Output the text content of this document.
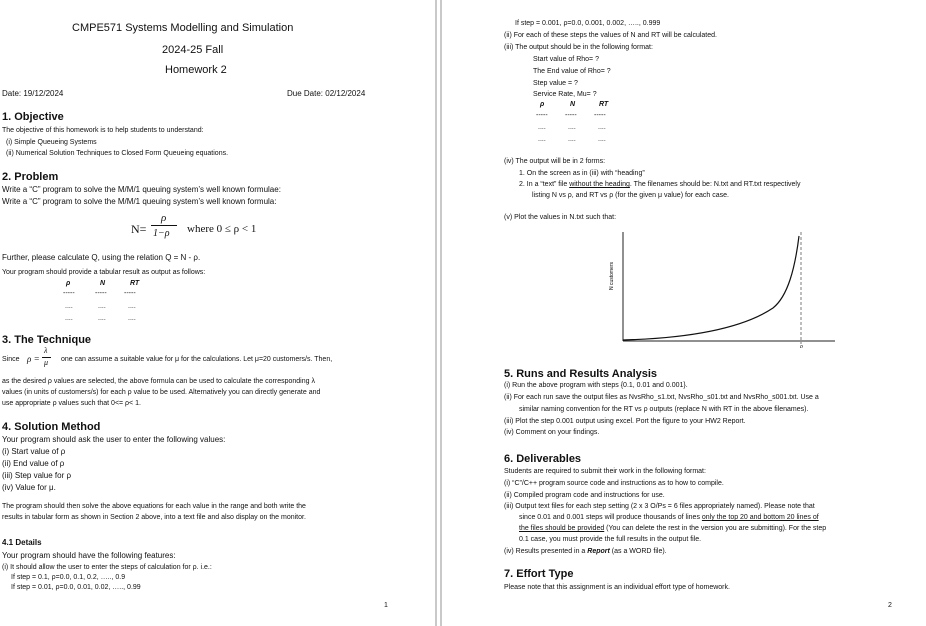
CMPE571 Systems Modelling and Simulation
2024-25 Fall
Homework 2
Date: 19/12/2024	Due Date: 02/12/2024
1. Objective
The objective of this homework is to help students to understand:
(i) Simple Queueing Systems
(ii) Numerical Solution Techniques to Closed Form Queueing equations.
2. Problem
Write a “C” program to solve the M/M/1 queuing system’s well known formulae:
Write a “C” program to solve the M/M/1 queuing system’s well known formula:
N=
ρ
1−ρ where 0 ≤ ρ < 1
Further, please calculate Q, using the relation Q = N - ρ.
Your program should provide a tabular result as output as follows:
ρ	N	RT
-----	----- -----
....	....	....
....	....	....
3. The Technique
Since ρ =
λ
μ one can assume a suitable value for μ for the calculations. Let μ=20 customers/s. Then,
as the desired ρ values are selected, the above formula can be used to calculate the corresponding λ
values (in units of customers/s) for each ρ value to be used. Alternatively you can directly generate and
use appropriate ρ values such that 0<= ρ< 1.
4. Solution Method
Your program should ask the user to enter the following values:
(i) Start value of ρ
(ii) End value of ρ
(iii) Step value for ρ
(iv) Value for μ.
The program should then solve the above equations for each value in the range and both write the
results in tabular form as shown in Section 2 above, into a text file and also display on the monitor.
4.1 Details
Your program should have the following features:
(i) It should allow the user to enter the steps of calculation for ρ. i.e.:
If step = 0.1, ρ=0.0, 0.1, 0.2, ….., 0.9
If step = 0.01, ρ=0.0, 0.01, 0.02, ….., 0.99
1
If step = 0.001, ρ=0.0, 0.001, 0.002, ….., 0.999
(ii) For each of these steps the values of N and RT will be calculated.
(iii) The output should be in the following format:
Start value of Rho= ?
The End value of Rho= ?
Step value = ?
Service Rate, Mu= ?
ρ	N	RT
----- ----- -----
....	....	....
....	....	....
(iv) The output will be in 2 forms:
1. On the screen as in (iii) with “heading”
2. In a “text” file without the heading. The filenames should be: N.txt and RT.txt respectively
listing N vs ρ, and RT vs ρ (for the given μ value) for each case.
(v) Plot the values in N.txt such that:
N customers
ρ
5. Runs and Results Analysis
(i) Run the above program with steps {0.1, 0.01 and 0.001}.
(ii) For each run save the output files as NvsRho_s1.txt, NvsRho_s01.txt and NvsRho_s001.txt. Use a
similar naming convention for the RT vs ρ outputs (replace N with RT in the above filenames).
(iii) Plot the step 0.001 output using excel. Port the figure to your HW2 Report.
(iv) Comment on your findings.
6. Deliverables
Students are required to submit their work in the following format:
(i) “C”/C++ program source code and instructions as to how to compile.
(ii) Compiled program code and instructions for use.
(iii) Output text files for each step setting (2 x 3 O/Ps = 6 files appropriately named). Please note that
since 0.01 and 0.001 steps will produce thousands of lines only the top 20 and bottom 20 lines of
the files should be provided (You can delete the rest in the version you are submitting). For the step
0.1 case, you must provide the full results in the output file.
(iv) Results presented in a Report (as a WORD file).
7. Effort Type
Please note that this assignment is an individual effort type of homework.
2
